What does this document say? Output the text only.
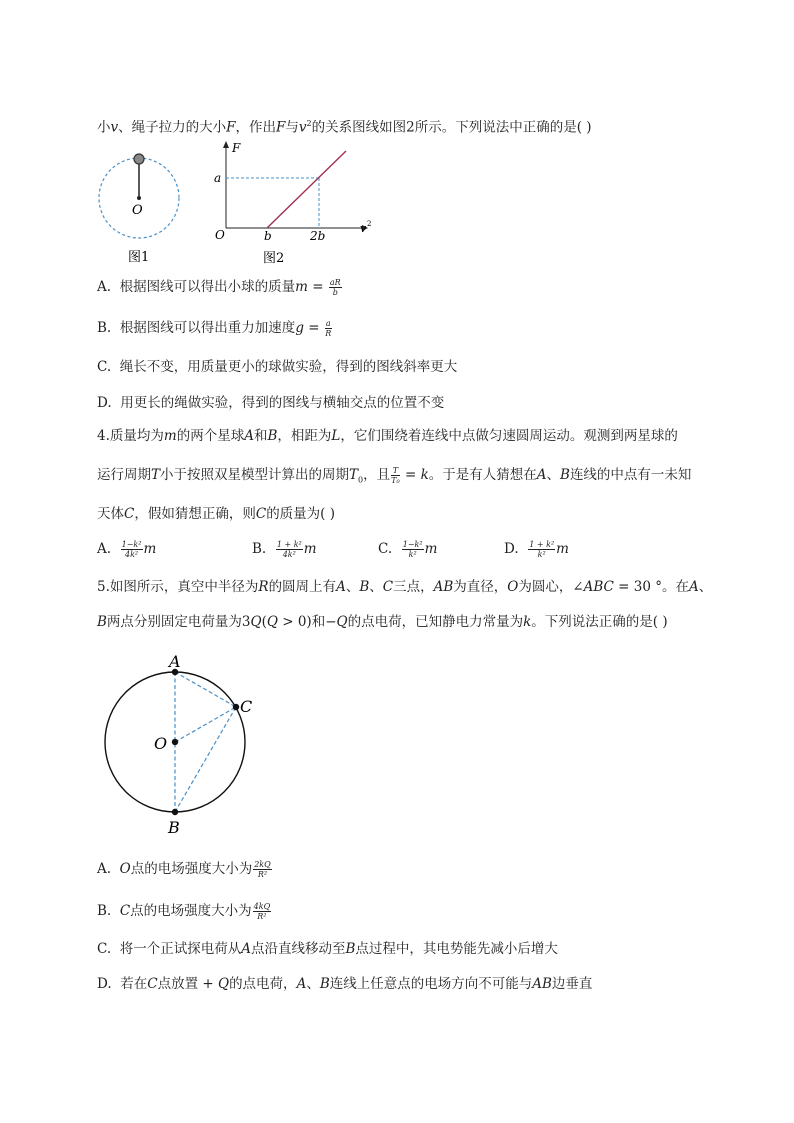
小v、绳子拉力的大小F，作出F与$v^2$的关系图线如图2所示。下列说法中正确的是( )
O
图1
F
v 2
a
O	b	2b
图2
A. 根据图线可以得出小球的质量$m = \frac{aR}{b}$
B. 根据图线可以得出重力加速度$g = \frac{a}{R}$
C. 绳长不变，用质量更小的球做实验，得到的图线斜率更大
D. 用更长的绳做实验，得到的图线与横轴交点的位置不变
4.质量均为m的两个星球A和B，相距为L，它们围绕着连线中点做匀速圆周运动。观测到两星球的
运行周期T小于按照双星模型计算出的周期$T_0$，且 $\frac{T}{\text{T₀}} = k$。于是有人猜想在A、B连线的中点有一未知
天体C，假如猜想正确，则C的质量为( )
A. $\frac{\text{1−k²}}{\text{4k²}}$ m	B. $\frac{\text{1 + k²}}{\text{4k²}}$ m	C. $\frac{\text{1−k²}}{\text{k²}}$ m	D. $\frac{\text{1 + k²}}{\text{k²}}$ m
5.如图所示，真空中半径为R的圆周上有A、B、C三点，AB为直径，O为圆心，∠ABC = 30 °。在A、
B两点分别固定电荷量为3Q(Q > 0)和−Q的点电荷，已知静电力常量为k。下列说法正确的是( )
A
O
B
C
A. O点的电场强度大小为 $\frac{2kQ}{\text{R²}}$
B. C点的电场强度大小为 $\frac{4kQ}{\text{R²}}$
C. 将一个正试探电荷从A点沿直线移动至B点过程中，其电势能先减小后增大
D. 若在C点放置 + Q的点电荷，A、B连线上任意点的电场方向不可能与AB边垂直
